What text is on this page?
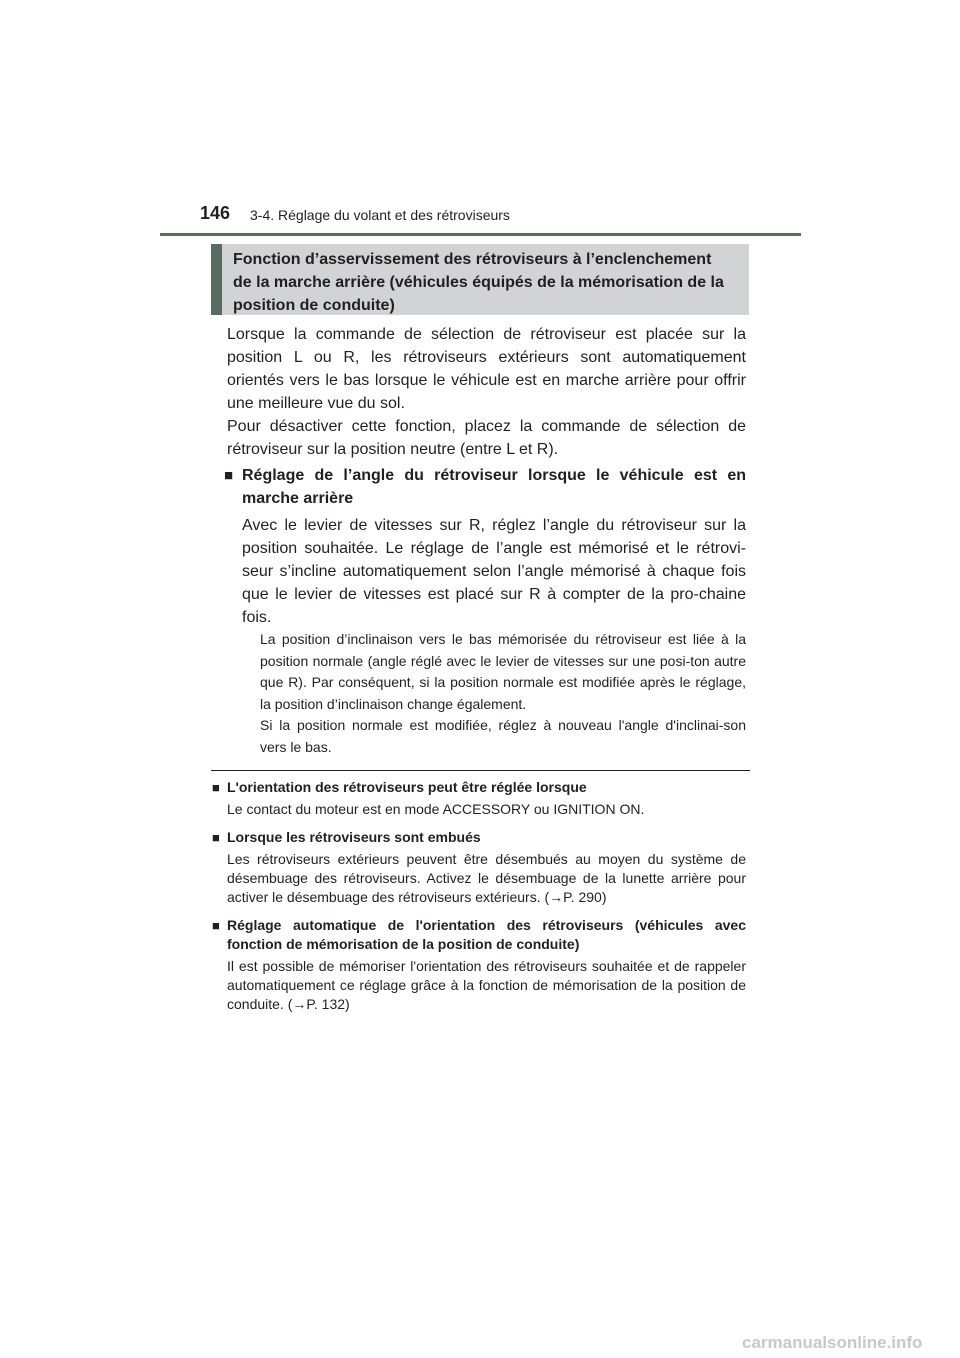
146 3-4. Réglage du volant et des rétroviseurs

Fonction d’asservissement des rétroviseurs à l’enclenchement

de la marche arrière (véhicules équipés de la mémorisation de la

position de conduite)

Lorsque la commande de sélection de rétroviseur est placée sur la position L ou R, les rétroviseurs extérieurs sont automatiquement orientés vers le bas lorsque le véhicule est en marche arrière pour offrir une meilleure vue du sol.

Pour désactiver cette fonction, placez la commande de sélection de rétroviseur sur la position neutre (entre L et R).

■ Réglage de l’angle du rétroviseur lorsque le véhicule est en marche arrière

Avec le levier de vitesses sur R, réglez l’angle du rétroviseur sur la position souhaitée. Le réglage de l’angle est mémorisé et le rétrovi-seur s’incline automatiquement selon l’angle mémorisé à chaque fois que le levier de vitesses est placé sur R à compter de la pro-chaine fois.

La position d’inclinaison vers le bas mémorisée du rétroviseur est liée à la position normale (angle réglé avec le levier de vitesses sur une posi-ton autre que R). Par conséquent, si la position normale est modifiée après le réglage, la position d’inclinaison change également.

Si la position normale est modifiée, réglez à nouveau l'angle d'inclinai-son vers le bas.

■ L'orientation des rétroviseurs peut être réglée lorsque

Le contact du moteur est en mode ACCESSORY ou IGNITION ON.

■ Lorsque les rétroviseurs sont embués

Les rétroviseurs extérieurs peuvent être désembués au moyen du système de désembuage des rétroviseurs. Activez le désembuage de la lunette arrière pour activer le désembuage des rétroviseurs extérieurs. (→P. 290)

■ Réglage automatique de l'orientation des rétroviseurs (véhicules avec fonction de mémorisation de la position de conduite)

Il est possible de mémoriser l'orientation des rétroviseurs souhaitée et de rappeler automatiquement ce réglage grâce à la fonction de mémorisation de la position de conduite. (→P. 132)

carmanualsonline.info
